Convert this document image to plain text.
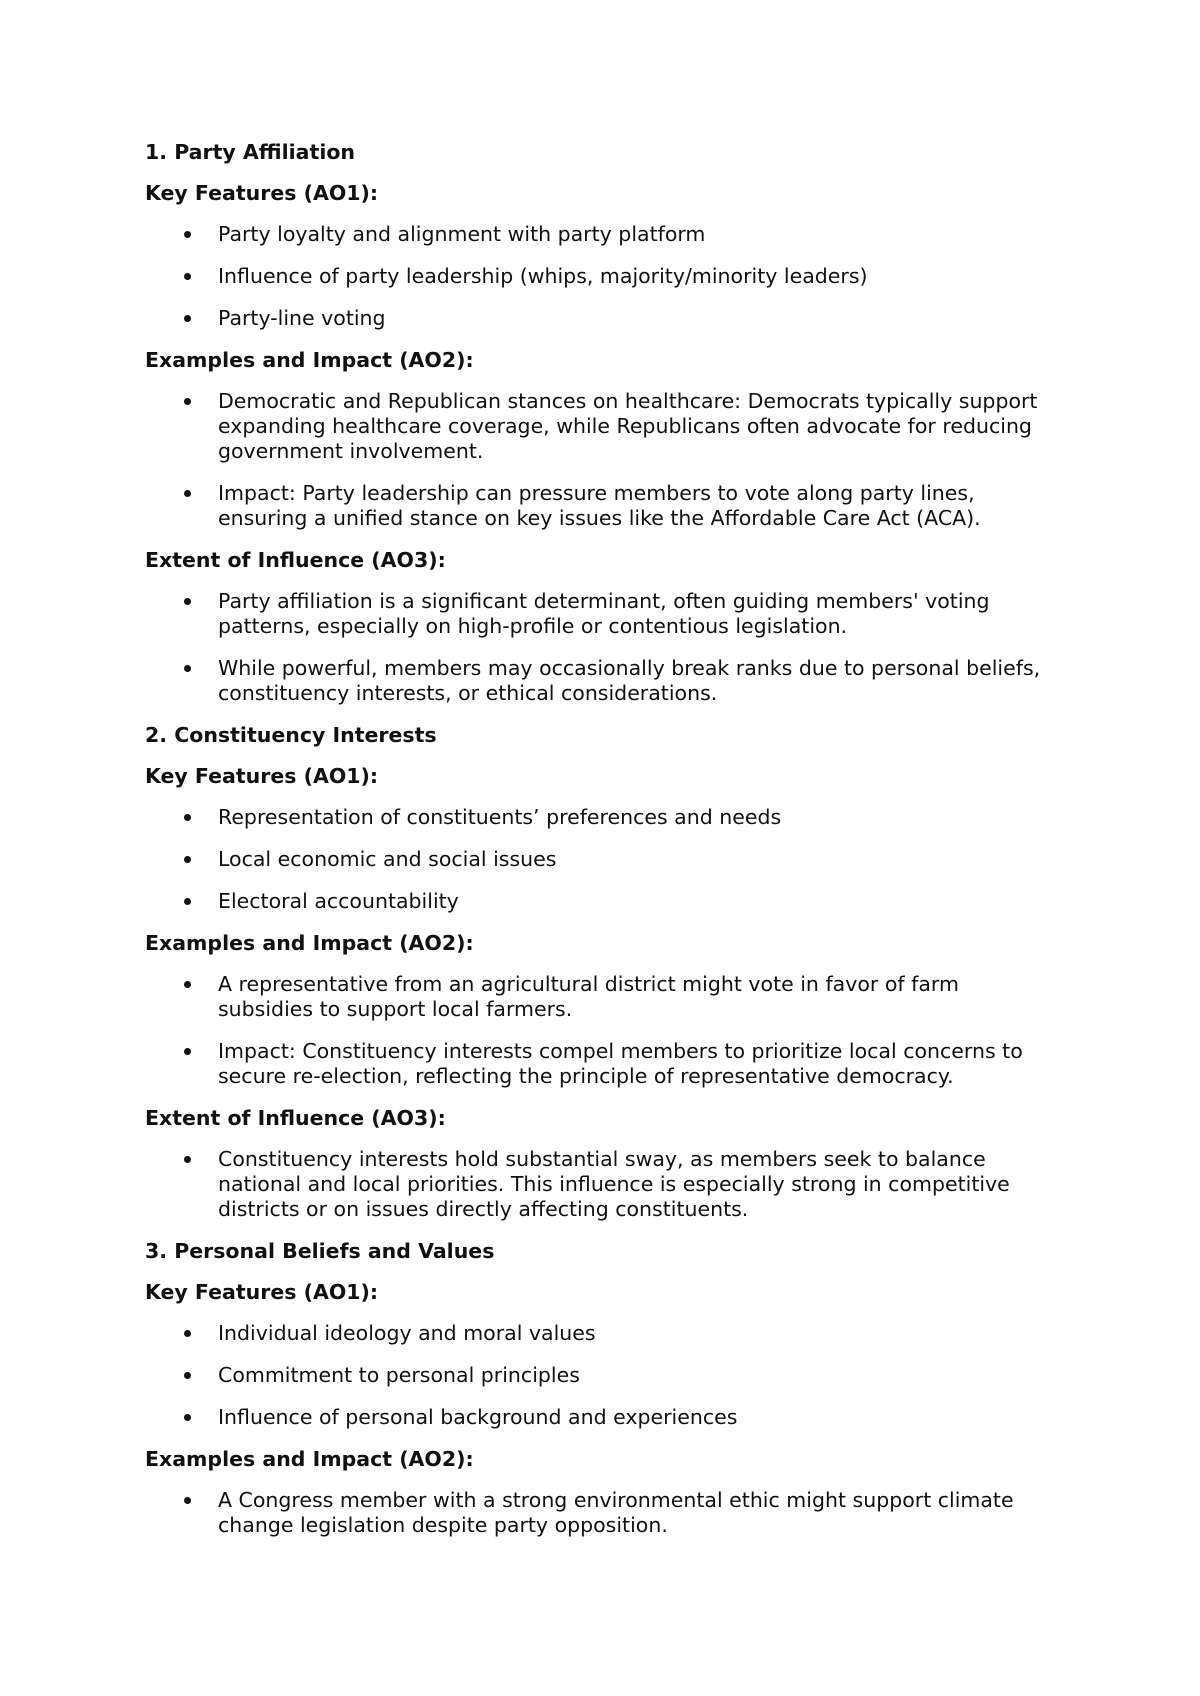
1. Party Affiliation

Key Features (AO1):

Party loyalty and alignment with party platform
Influence of party leadership (whips, majority/minority leaders)
Party-line voting

Examples and Impact (AO2):

Democratic and Republican stances on healthcare: Democrats typically support expanding healthcare coverage, while Republicans often advocate for reducing government involvement.
Impact: Party leadership can pressure members to vote along party lines, ensuring a unified stance on key issues like the Affordable Care Act (ACA).

Extent of Influence (AO3):

Party affiliation is a significant determinant, often guiding members' voting patterns, especially on high-profile or contentious legislation.
While powerful, members may occasionally break ranks due to personal beliefs, constituency interests, or ethical considerations.

2. Constituency Interests

Key Features (AO1):

Representation of constituents’ preferences and needs
Local economic and social issues
Electoral accountability

Examples and Impact (AO2):

A representative from an agricultural district might vote in favor of farm subsidies to support local farmers.
Impact: Constituency interests compel members to prioritize local concerns to secure re-election, reflecting the principle of representative democracy.

Extent of Influence (AO3):

Constituency interests hold substantial sway, as members seek to balance national and local priorities. This influence is especially strong in competitive districts or on issues directly affecting constituents.

3. Personal Beliefs and Values

Key Features (AO1):

Individual ideology and moral values
Commitment to personal principles
Influence of personal background and experiences

Examples and Impact (AO2):

A Congress member with a strong environmental ethic might support climate change legislation despite party opposition.
